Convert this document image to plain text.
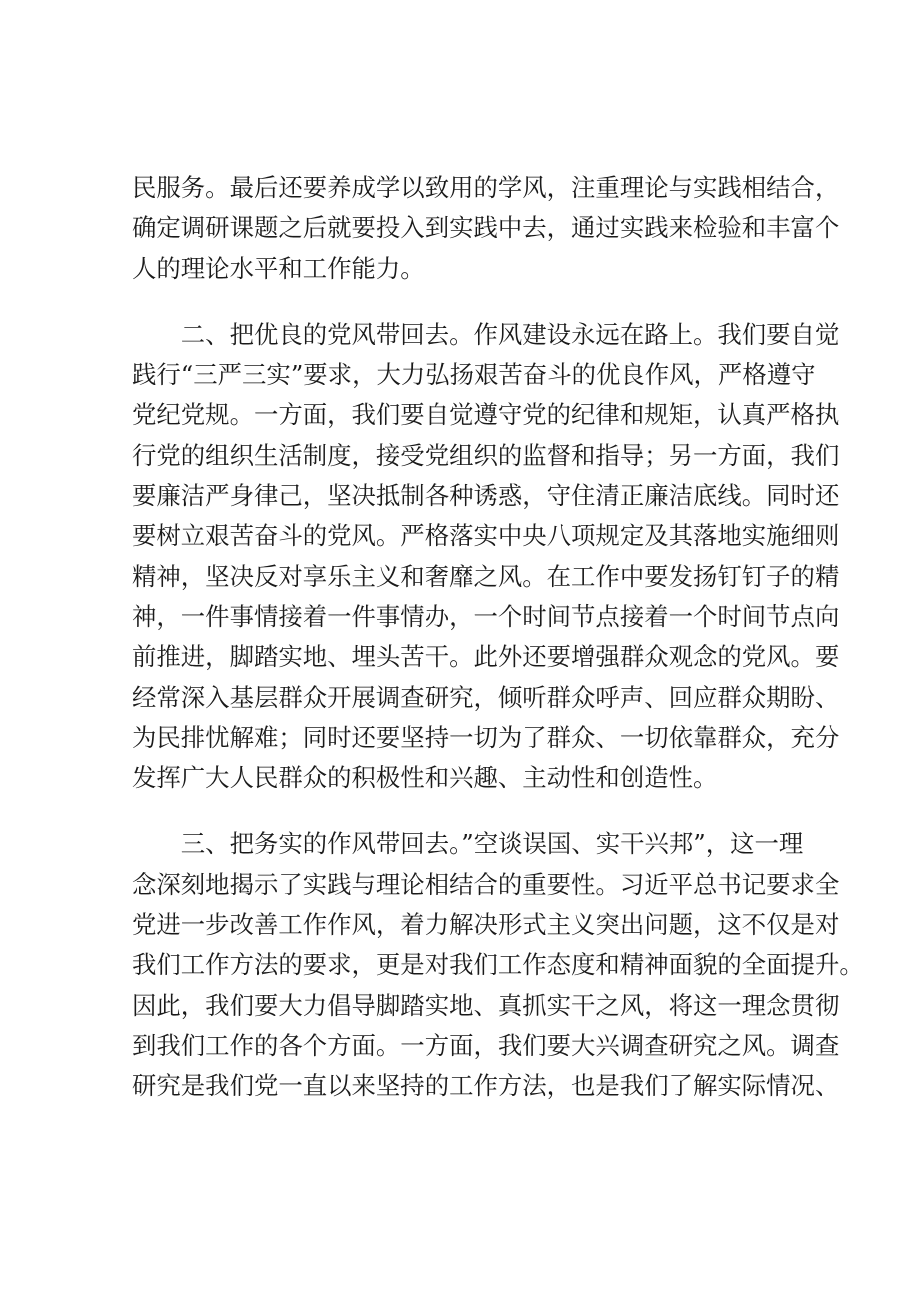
民服务。最后还要养成学以致用的学风，注重理论与实践相结合，
确定调研课题之后就要投入到实践中去，通过实践来检验和丰富个
人的理论水平和工作能力。
　　二、把优良的党风带回去。作风建设永远在路上。我们要自觉
践行“三严三实”要求，大力弘扬艰苦奋斗的优良作风，严格遵守
党纪党规。一方面，我们要自觉遵守党的纪律和规矩，认真严格执
行党的组织生活制度，接受党组织的监督和指导；另一方面，我们
要廉洁严身律己，坚决抵制各种诱惑，守住清正廉洁底线。同时还
要树立艰苦奋斗的党风。严格落实中央八项规定及其落地实施细则
精神，坚决反对享乐主义和奢靡之风。在工作中要发扬钉钉子的精
神，一件事情接着一件事情办，一个时间节点接着一个时间节点向
前推进，脚踏实地、埋头苦干。此外还要增强群众观念的党风。要
经常深入基层群众开展调查研究，倾听群众呼声、回应群众期盼、
为民排忧解难；同时还要坚持一切为了群众、一切依靠群众，充分
发挥广大人民群众的积极性和兴趣、主动性和创造性。
　　三、把务实的作风带回去。”空谈误国、实干兴邦”，这一理
念深刻地揭示了实践与理论相结合的重要性。习近平总书记要求全
党进一步改善工作作风，着力解决形式主义突出问题，这不仅是对
我们工作方法的要求，更是对我们工作态度和精神面貌的全面提升。
因此，我们要大力倡导脚踏实地、真抓实干之风，将这一理念贯彻
到我们工作的各个方面。一方面，我们要大兴调查研究之风。调查
研究是我们党一直以来坚持的工作方法，也是我们了解实际情况、
